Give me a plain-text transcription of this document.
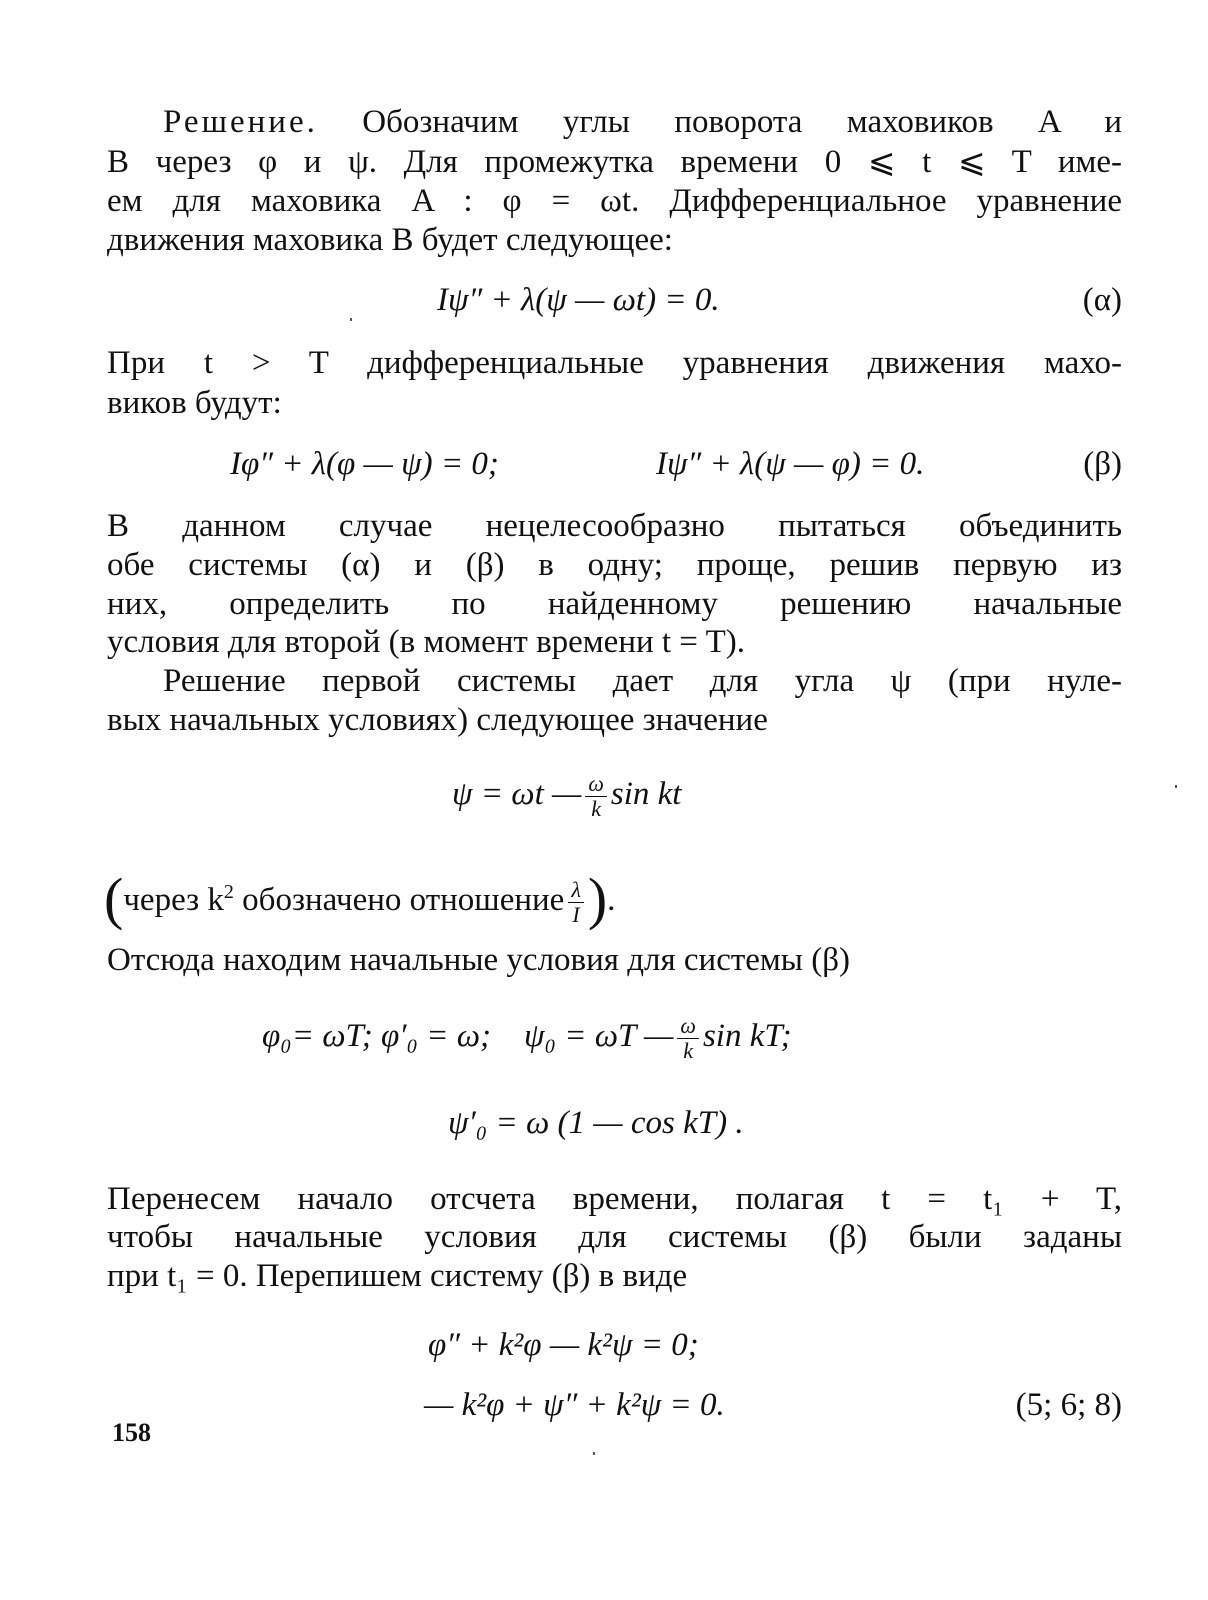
Решение. Обозначим углы поворота маховиков A и
B через φ и ψ. Для промежутка времени 0 ⩽ t ⩽ T име-
ем для маховика A : φ = ωt. Дифференциальное уравнение
движения маховика B будет следующее:
Iψ″ + λ(ψ — ωt) = 0.	(α)
При t > T дифференциальные уравнения движения махо-
виков будут:
Iφ″ + λ(φ — ψ) = 0;	Iψ″ + λ(ψ — φ) = 0.	(β)
В данном случае нецелесообразно пытаться объединить
обе системы (α) и (β) в одну; проще, решив первую из
них, определить по найденному решению начальные
условия для второй (в момент времени t = T).
Решение первой системы дает для угла ψ (при нуле-
вых начальных условиях) следующее значение
ψ = ωt — $\frac{\omega}{k}$ sin kt
(через $k^2$ обозначено отношение $\frac{\lambda}{I}$ ).
Отсюда находим начальные условия для системы (β)
φ₀= ωT; φ′₀ = ω; ψ₀ = ωT — $\frac{\omega}{k}$ sin kT;
ψ′₀ = ω (1 — cos kT) .
Перенесем начало отсчета времени, полагая t = t₁ + T,
чтобы начальные условия для системы (β) были заданы
при t₁ = 0. Перепишем систему (β) в виде
φ″ + k²φ — k²ψ = 0;
— k²φ + ψ″ + k²ψ = 0.	(5; 6; 8)
158
